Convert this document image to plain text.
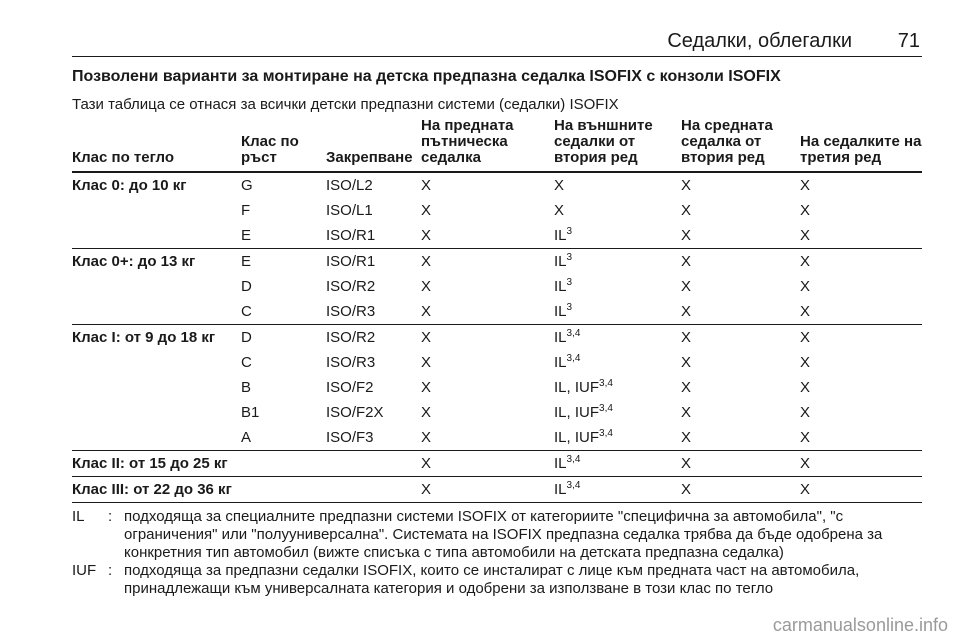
Седалки, облегалки 71
Позволени варианти за монтиране на детска предпазна седалка ISOFIX с конзоли ISOFIX
Тази таблица се отнася за всички детски предпазни системи (седалки) ISOFIX
Клас по тегло	Клас по ръст	Закрепване	На предната пътническа седалка	На външните седалки от втория ред	На средната седалка от втория ред	На седалките на третия ред
Клас 0: до 10 кг	G	ISO/L2	X	X	X	X
	F	ISO/L1	X	X	X	X
	E	ISO/R1	X	$IL^3$	X	X
Клас 0+: до 13 кг	E	ISO/R1	X	$IL^3$	X	X
	D	ISO/R2	X	$IL^3$	X	X
	C	ISO/R3	X	$IL^3$	X	X
Клас I: от 9 до 18 кг	D	ISO/R2	X	IL$^{3,4}$	X	X
	C	ISO/R3	X	IL$^{3,4}$	X	X
	B	ISO/F2	X	IL, IUF$^{3,4}$	X	X
	B1	ISO/F2X	X	IL, IUF$^{3,4}$	X	X
	A	ISO/F3	X	IL, IUF$^{3,4}$	X	X
Клас II: от 15 до 25 кг			X	IL$^{3,4}$	X	X
Клас III: от 22 до 36 кг			X	IL$^{3,4}$	X	X
IL	: подходяща за специалните предпазни системи ISOFIX от категориите "специфична за автомобила", "с ограничения" или "полууниверсална". Системата на ISOFIX предпазна седалка трябва да бъде одобрена за конкретния тип автомобил (вижте списъка с типа автомобили на детската предпазна седалка)
IUF : подходяща за предпазни седалки ISOFIX, които се инсталират с лице към предната част на автомобила, принадлежащи към универсалната категория и одобрени за използване в този клас по тегло
carmanualsonline.info
